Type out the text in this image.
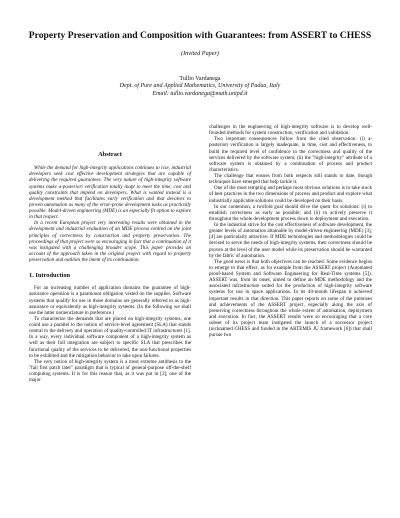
Property Preservation and Composition with Guarantees: from ASSERT to CHESS
(Invited Paper)
Tullio Vardanega
Dept. of Pure and Applied Mathematics, University of Padua, Italy
Email: tullio.vardanega@math.unipd.it
Abstract

While the demand for high-integrity applications continues to rise, industrial developers seek cost effective development strategies that are capable of delivering the required guarantees. The very nature of high-integrity software systems make a-posteriori verification totally inapt to meet the time, cost and quality constraints that impend on developers. What is wanted instead is a development method that facilitates early verification and that devolves to proven automation as many of the error-prone development tasks as practically possible. Model-driven engineering (MDE) is an especially fit option to explore in that respect.

In a recent European project very interesting results were obtained in the development and industrial evaluation of an MDE process centred on the joint principles of correctness by construction and property preservation. The proceedings of that project were so encouraging in fact that a continuation of it was instigated with a challenging broader scope. This paper provides an account of the approach taken in the original project with regard to property preservation and outlines the intent of its continuation.

1. Introduction

For an increasing number of application domains the guarantee of high-assurance operation is a paramount obligation vested on the supplier. Software systems that qualify for use in those domains are generally referred to as high-assurance or equivalently as high-integrity systems. (In the following we shall use the latter nomenclature in preference.)

To characterize the demands that are placed on high-integrity systems, one could use a parallel to the notion of service-level agreement (SLA) that stands central to the delivery and operation of quality-controlled IT infrastructures [1]. In a way, every individual software component of a high-integrity system as well as their full integration are subject to specific SLA that prescribes the functional quality of the services to be delivered, the non-functional properties to be exhibited and the mitigation behavior to take upon failures.

The very notion of high-integrity system is a most extreme antithesis to the "fail first patch later" paradigm that is typical of general-purpose off-the-shelf computing systems. It is for this reason that, as it was put in [2], one of the major

challenges in the engineering of high-integrity software is to develop well-founded methods for system construction, verification and validation.

Two important consequences follow from the cited observation: (i) a-posteriori verification is largely inadequate, in time, cost and effectiveness, to build the required level of confidence in the correctness and quality of the services delivered by the software system; (ii) the "high-integrity" attribute of a software system is obtained by a combination of process and product characteristics.

The challenge that ensues from both respects still stands to date, though techniques have emerged that help tackle it.

One of the most tempting and perhaps most obvious solutions is to take stock of best practices in the two dimensions of process and product and explore what industrially applicable solutions could be developed on their basis.

In our contention, a twofold goal should drive the quest for solutions: (i) to establish correctness as early as possible; and (ii) to actively preserve it throughout the whole development process down to deployment and execution.

In the industrial strive for the cost effectiveness of software development, the greater levels of automation attainable by model-driven engineering (MDE) [3], [4] are particularly attractive. If MDE technologies and methodologies could be devised to serve the needs of high-integrity systems, then correctness should be proven at the level of the user model while its preservation should be warranted by the fabric of automation.

The good news is that both objectives can be reached. Some evidence begins to emerge to that effect, as for example from the ASSERT project (Automated proof-based System and Software Engineering for Real-Time systems [5]). ASSERT was, from its onset, aimed to define an MDE methodology and the associated infrastructure suited for the production of high-integrity software systems for use in space applications. In its 40-month lifespan it achieved important results in that direction. This paper reports on some of the premises and achievements of the ASSERT project, especially along the axis of preserving correctness throughout the whole extent of automation, deployment and execution. In fact, the ASSERT results were so encouraging that a core subset of its project team instigated the launch of a successor project (nicknamed CHESS and funded in the ARTEMIS JU framework [6]) that shall pursue two
